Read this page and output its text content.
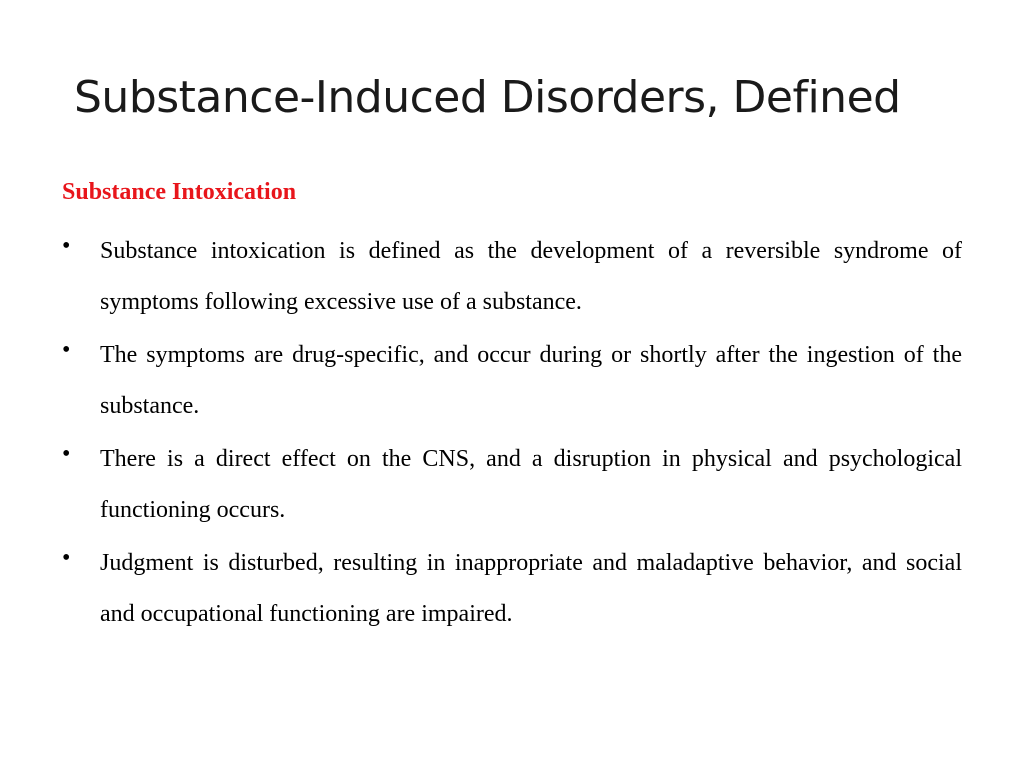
Substance-Induced Disorders, Defined
Substance Intoxication
• Substance intoxication is defined as the development of a reversible syndrome of symptoms following excessive use of a substance.
• The symptoms are drug-specific, and occur during or shortly after the ingestion of the substance.
• There is a direct effect on the CNS, and a disruption in physical and psychological functioning occurs.
• Judgment is disturbed, resulting in inappropriate and maladaptive behavior, and social and occupational functioning are impaired.
